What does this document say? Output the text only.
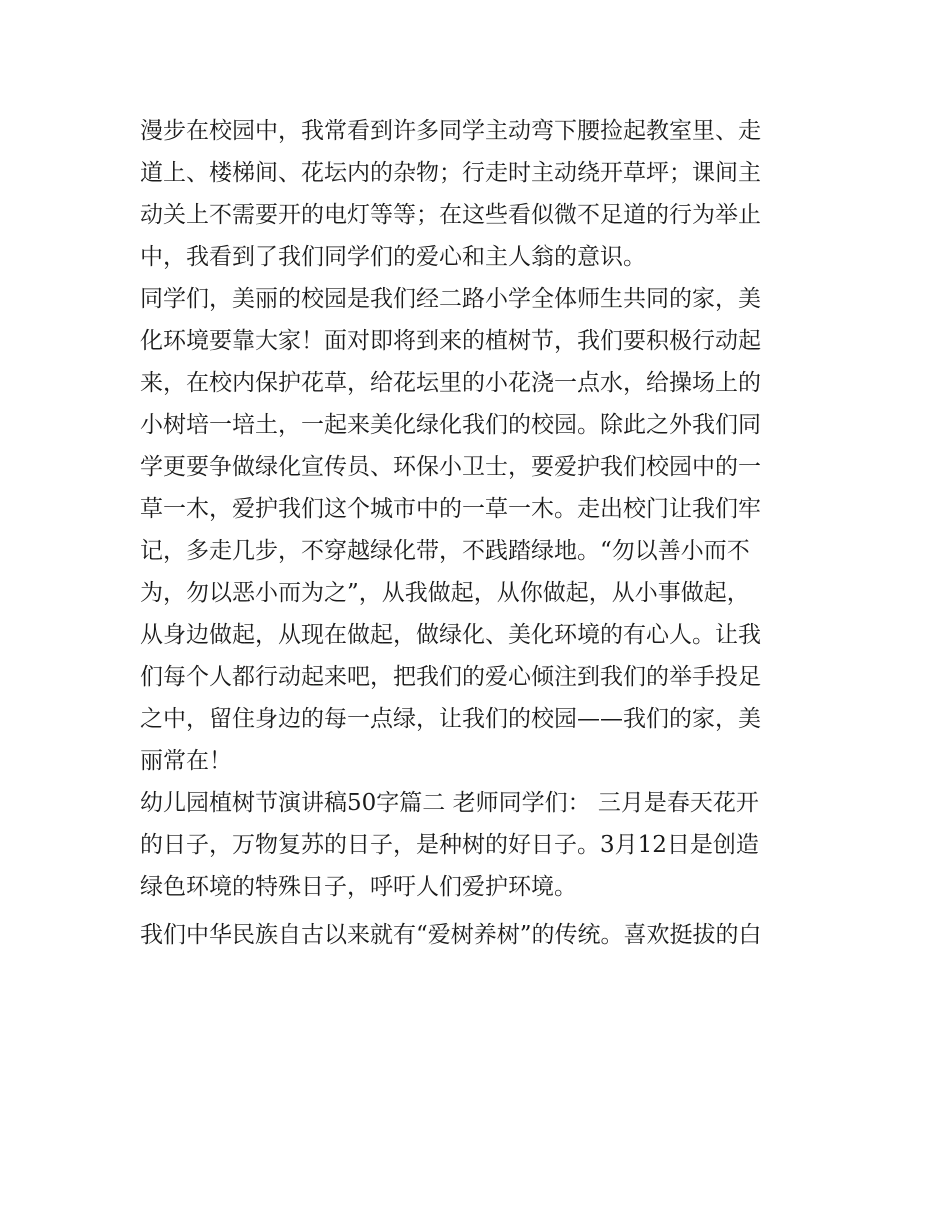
漫步在校园中，我常看到许多同学主动弯下腰捡起教室里、走
道上、楼梯间、花坛内的杂物；行走时主动绕开草坪；课间主
动关上不需要开的电灯等等；在这些看似微不足道的行为举止
中，我看到了我们同学们的爱心和主人翁的意识。
同学们，美丽的校园是我们经二路小学全体师生共同的家，美
化环境要靠大家！面对即将到来的植树节，我们要积极行动起
来，在校内保护花草，给花坛里的小花浇一点水，给操场上的
小树培一培土，一起来美化绿化我们的校园。除此之外我们同
学更要争做绿化宣传员、环保小卫士，要爱护我们校园中的一
草一木，爱护我们这个城市中的一草一木。走出校门让我们牢
记，多走几步，不穿越绿化带，不践踏绿地。“勿以善小而不
为，勿以恶小而为之”，从我做起，从你做起，从小事做起，
从身边做起，从现在做起，做绿化、美化环境的有心人。让我
们每个人都行动起来吧，把我们的爱心倾注到我们的举手投足
之中，留住身边的每一点绿，让我们的校园——我们的家，美
丽常在！
幼儿园植树节演讲稿50字篇二 老师同学们： 三月是春天花开
的日子，万物复苏的日子，是种树的好日子。3月12日是创造
绿色环境的特殊日子，呼吁人们爱护环境。
我们中华民族自古以来就有“爱树养树”的传统。喜欢挺拔的白
